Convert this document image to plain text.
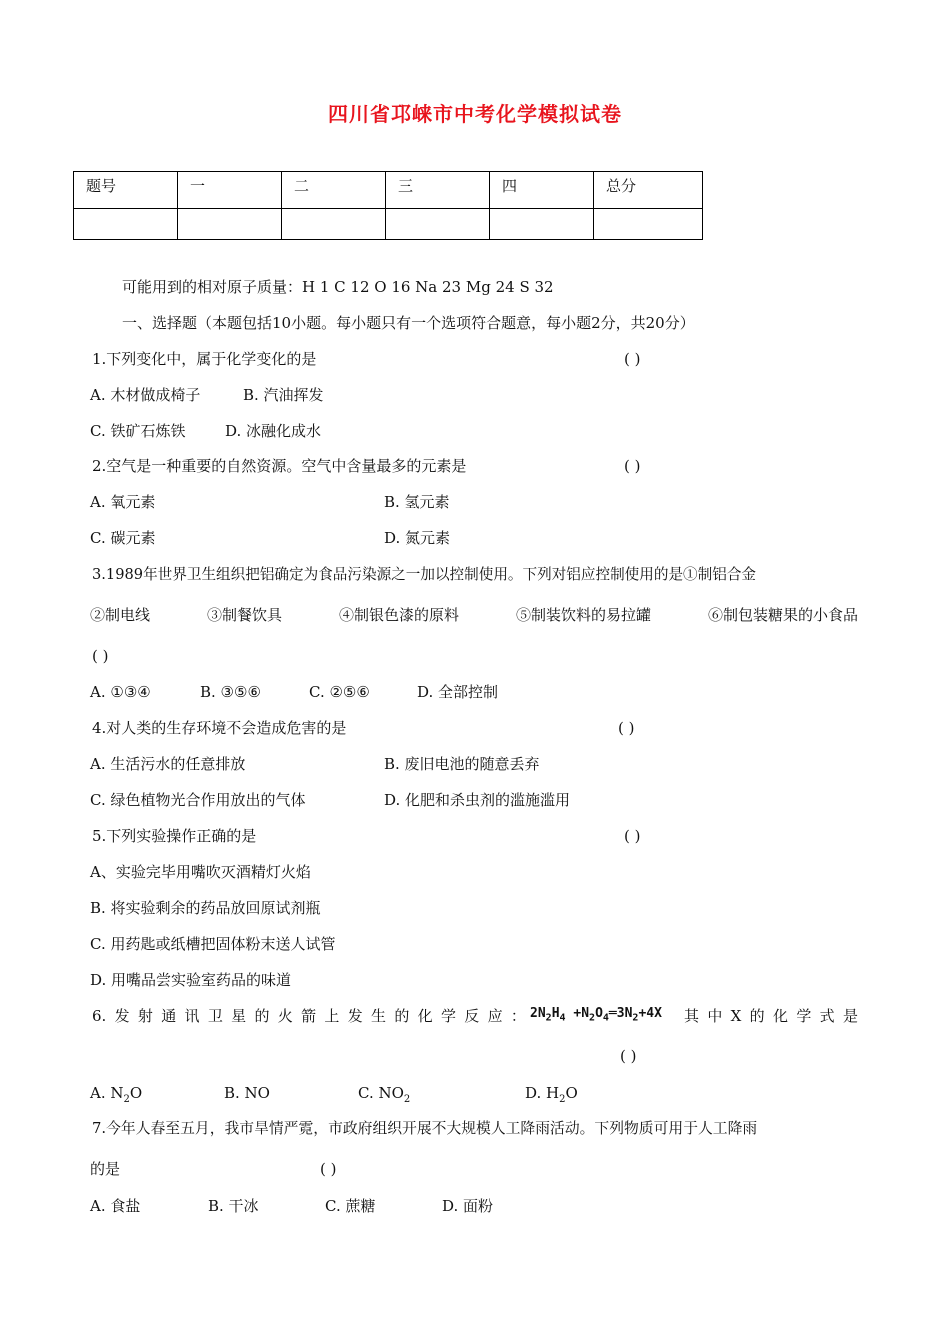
四川省邛崃市中考化学模拟试卷
题号	一	二	三	四	总分

可能用到的相对原子质量：H 1 C 12 O 16 Na 23 Mg 24 S 32
一、选择题（本题包括10小题。每小题只有一个选项符合题意，每小题2分，共20分）
1.下列变化中，属于化学变化的是	( )
A. 木材做成椅子	B. 汽油挥发
C. 铁矿石炼铁	D. 冰融化成水
2.空气是一种重要的自然资源。空气中含量最多的元素是	( )
A. 氧元素	B. 氢元素
C. 碳元素	D. 氮元素
3.1989年世界卫生组织把铝确定为食品污染源之一加以控制使用。下列对铝应控制使用的是①制铝合金
②制电线	③制餐饮具	④制银色漆的原料	⑤制装饮料的易拉罐	⑥制包装糖果的小食品
( )
A. ①③④	B. ③⑤⑥	C. ②⑤⑥	D. 全部控制
4.对人类的生存环境不会造成危害的是	( )
A. 生活污水的任意排放	B. 废旧电池的随意丢弃
C. 绿色植物光合作用放出的气体	D. 化肥和杀虫剂的滥施滥用
5.下列实验操作正确的是	( )
A、实验完毕用嘴吹灭酒精灯火焰
B. 将实验剩余的药品放回原试剂瓶
C. 用药匙或纸槽把固体粉末送人试管
D. 用嘴品尝实验室药品的味道
6. 发 射 通 讯 卫 星 的 火 箭 上 发 生 的 化 学 反 应 ： $2N_2H_4$ $+N_2O_4═3N_2+4X$ 其 中 X 的 化 学 式 是
( )
A. $N_2O$	B. NO	C. $NO_2$	D. $H_2O$
7.今年人春至五月，我市旱情严霓，市政府组织开展不大规模人工降雨活动。下列物质可用于人工降雨
的是	( )
A. 食盐	B. 干冰	C. 蔗糖	D. 面粉
